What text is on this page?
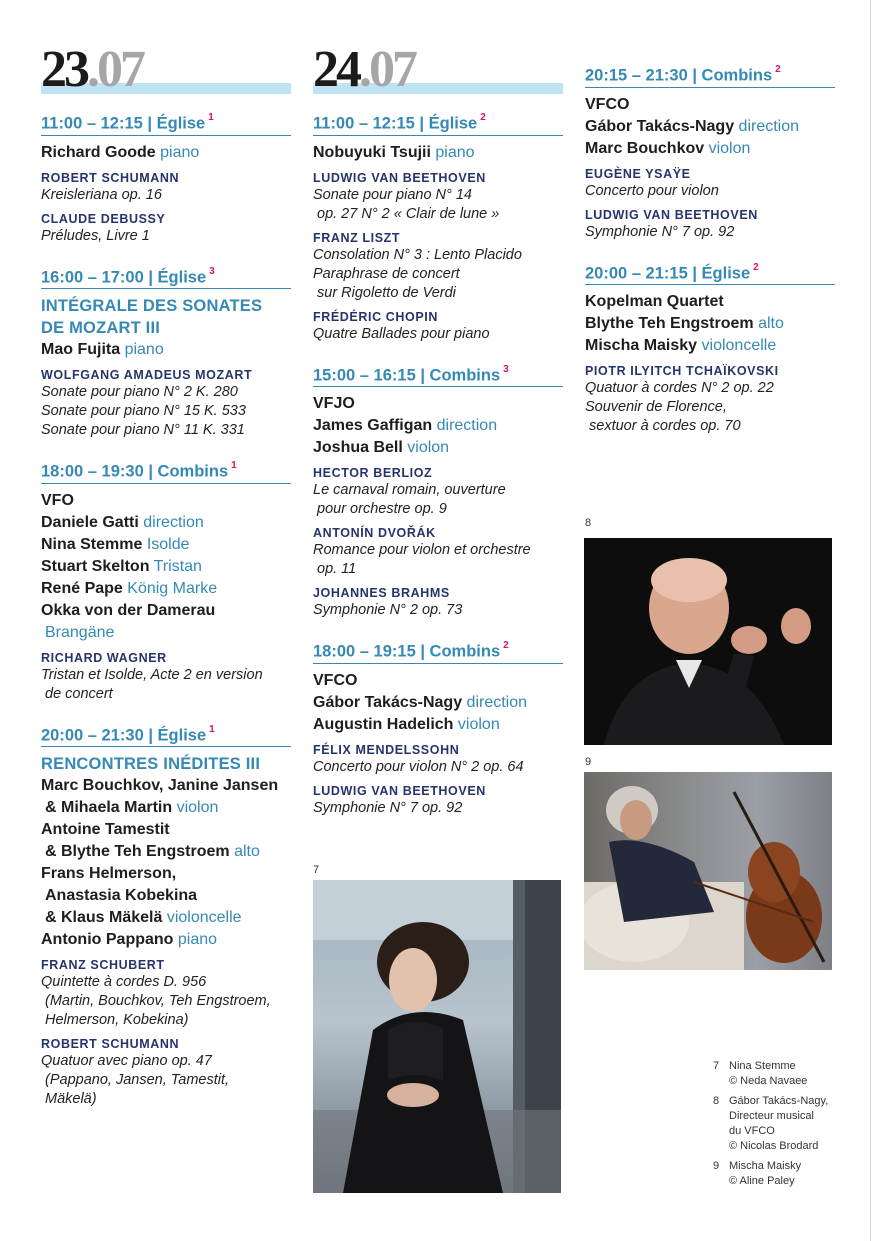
23.07
11:00 – 12:15 | Église $^1$
Richard Goode piano
ROBERT SCHUMANN
Kreisleriana op. 16
CLAUDE DEBUSSY
Préludes, Livre 1
16:00 – 17:00 | Église $^3$
INTÉGRALE DES SONATES
DE MOZART III
Mao Fujita piano
WOLFGANG AMADEUS MOZART
Sonate pour piano N° 2 K. 280
Sonate pour piano N° 15 K. 533
Sonate pour piano N° 11 K. 331
18:00 – 19:30 | Combins $^1$
VFO
Daniele Gatti direction
Nina Stemme Isolde
Stuart Skelton Tristan
René Pape König Marke
Okka von der Damerau
Brangäne
RICHARD WAGNER
Tristan et Isolde, Acte 2 en version
de concert
20:00 – 21:30 | Église $^1$
RENCONTRES INÉDITES III
Marc Bouchkov, Janine Jansen
& Mihaela Martin violon
Antoine Tamestit
& Blythe Teh Engstroem alto
Frans Helmerson,
Anastasia Kobekina
& Klaus Mäkelä violoncelle
Antonio Pappano piano
FRANZ SCHUBERT
Quintette à cordes D. 956
(Martin, Bouchkov, Teh Engstroem,
Helmerson, Kobekina)
ROBERT SCHUMANN
Quatuor avec piano op. 47
(Pappano, Jansen, Tamestit,
Mäkelä)
24.07
11:00 – 12:15 | Église $^2$
Nobuyuki Tsujii piano
LUDWIG VAN BEETHOVEN
Sonate pour piano N° 14
op. 27 N° 2 « Clair de lune »
FRANZ LISZT
Consolation N° 3 : Lento Placido
Paraphrase de concert
sur Rigoletto de Verdi
FRÉDÉRIC CHOPIN
Quatre Ballades pour piano
15:00 – 16:15 | Combins $^3$
VFJO
James Gaffigan direction
Joshua Bell violon
HECTOR BERLIOZ
Le carnaval romain, ouverture
pour orchestre op. 9
ANTONÍN DVOŘÁK
Romance pour violon et orchestre
op. 11
JOHANNES BRAHMS
Symphonie N° 2 op. 73
18:00 – 19:15 | Combins $^2$
VFCO
Gábor Takács-Nagy direction
Augustin Hadelich violon
FÉLIX MENDELSSOHN
Concerto pour violon N° 2 op. 64
LUDWIG VAN BEETHOVEN
Symphonie N° 7 op. 92
20:15 – 21:30 | Combins $^2$
VFCO
Gábor Takács-Nagy direction
Marc Bouchkov violon
EUGÈNE YSAŸE
Concerto pour violon
LUDWIG VAN BEETHOVEN
Symphonie N° 7 op. 92
20:00 – 21:15 | Église $^2$
Kopelman Quartet
Blythe Teh Engstroem alto
Mischa Maisky violoncelle
PIOTR ILYITCH TCHAÏKOVSKI
Quatuor à cordes N° 2 op. 22
Souvenir de Florence,
sextuor à cordes op. 70
7
8
9
7 Nina Stemme
© Neda Navaee
8 Gábor Takács-Nagy,
Directeur musical
du VFCO
© Nicolas Brodard
9 Mischa Maisky
© Aline Paley
